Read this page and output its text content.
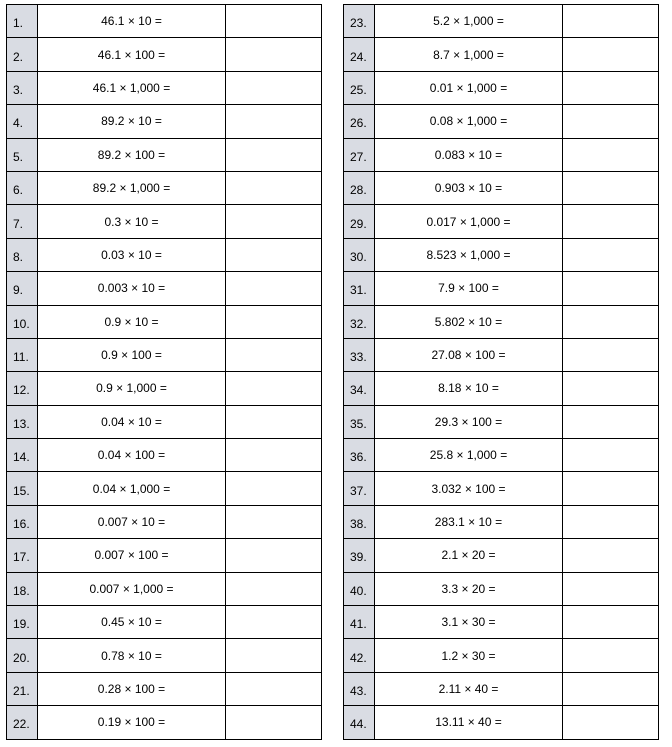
1.	46.1 × 10 =	
2.	46.1 × 100 =	
3.	46.1 × 1,000 =	
4.	89.2 × 10 =	
5.	89.2 × 100 =	
6.	89.2 × 1,000 =	
7.	0.3 × 10 =	
8.	0.03 × 10 =	
9.	0.003 × 10 =	
10.	0.9 × 10 =	
11.	0.9 × 100 =	
12.	0.9 × 1,000 =	
13.	0.04 × 10 =	
14.	0.04 × 100 =	
15.	0.04 × 1,000 =	
16.	0.007 × 10 =	
17.	0.007 × 100 =	
18.	0.007 × 1,000 =	
19.	0.45 × 10 =	
20.	0.78 × 10 =	
21.	0.28 × 100 =	
22.	0.19 × 100 =	
23.	5.2 × 1,000 =	
24.	8.7 × 1,000 =	
25.	0.01 × 1,000 =	
26.	0.08 × 1,000 =	
27.	0.083 × 10 =	
28.	0.903 × 10 =	
29.	0.017 × 1,000 =	
30.	8.523 × 1,000 =	
31.	7.9 × 100 =	
32.	5.802 × 10 =	
33.	27.08 × 100 =	
34.	8.18 × 10 =	
35.	29.3 × 100 =	
36.	25.8 × 1,000 =	
37.	3.032 × 100 =	
38.	283.1 × 10 =	
39.	2.1 × 20 =	
40.	3.3 × 20 =	
41.	3.1 × 30 =	
42.	1.2 × 30 =	
43.	2.11 × 40 =	
44.	13.11 × 40 =	
